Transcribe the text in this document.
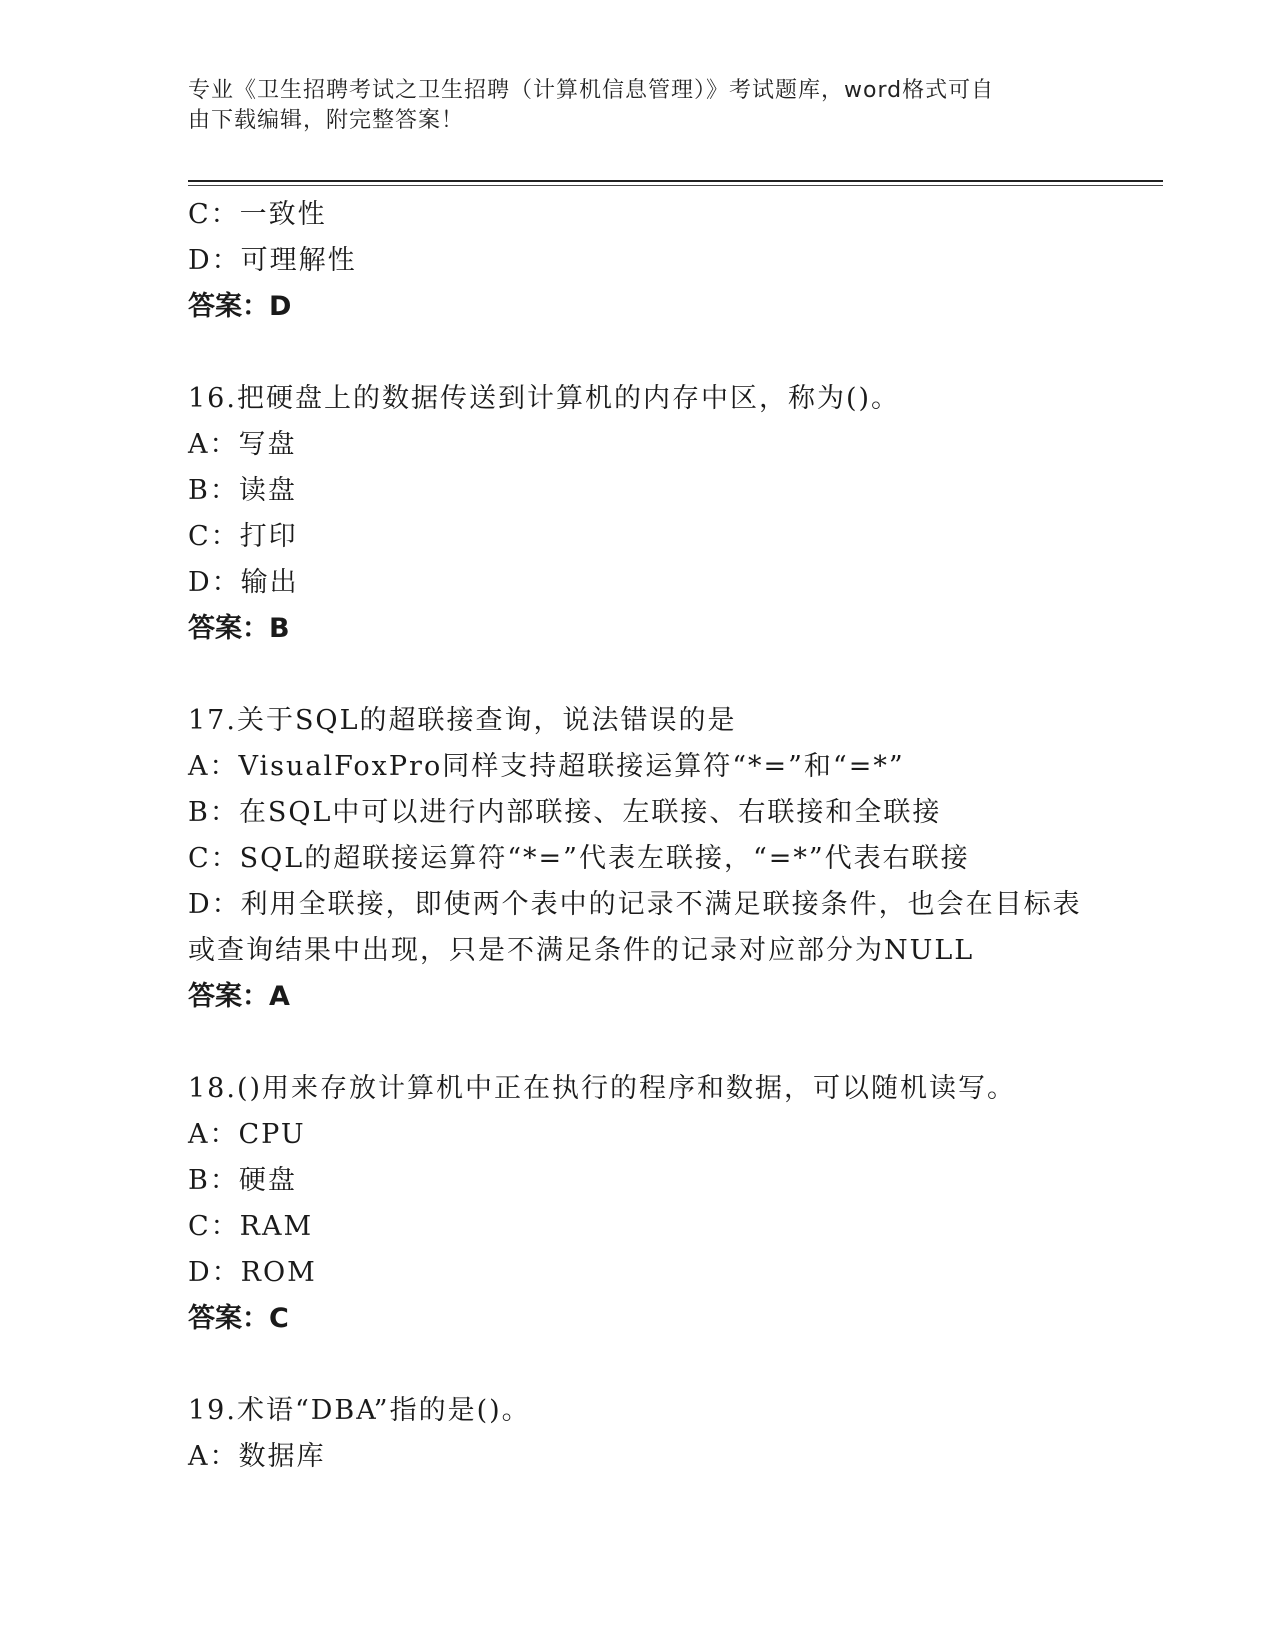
专业《卫生招聘考试之卫生招聘（计算机信息管理）》考试题库，word格式可自
由下载编辑，附完整答案！
C：一致性
D：可理解性
答案：D
16.把硬盘上的数据传送到计算机的内存中区，称为()。
A：写盘
B：读盘
C：打印
D：输出
答案：B
17.关于SQL的超联接查询，说法错误的是
A：VisualFoxPro同样支持超联接运算符“*=”和“=*”
B：在SQL中可以进行内部联接、左联接、右联接和全联接
C：SQL的超联接运算符“*=”代表左联接，“=*”代表右联接
D：利用全联接，即使两个表中的记录不满足联接条件，也会在目标表
或查询结果中出现，只是不满足条件的记录对应部分为NULL
答案：A
18.()用来存放计算机中正在执行的程序和数据，可以随机读写。
A：CPU
B：硬盘
C：RAM
D：ROM
答案：C
19.术语“DBA”指的是()。
A：数据库
